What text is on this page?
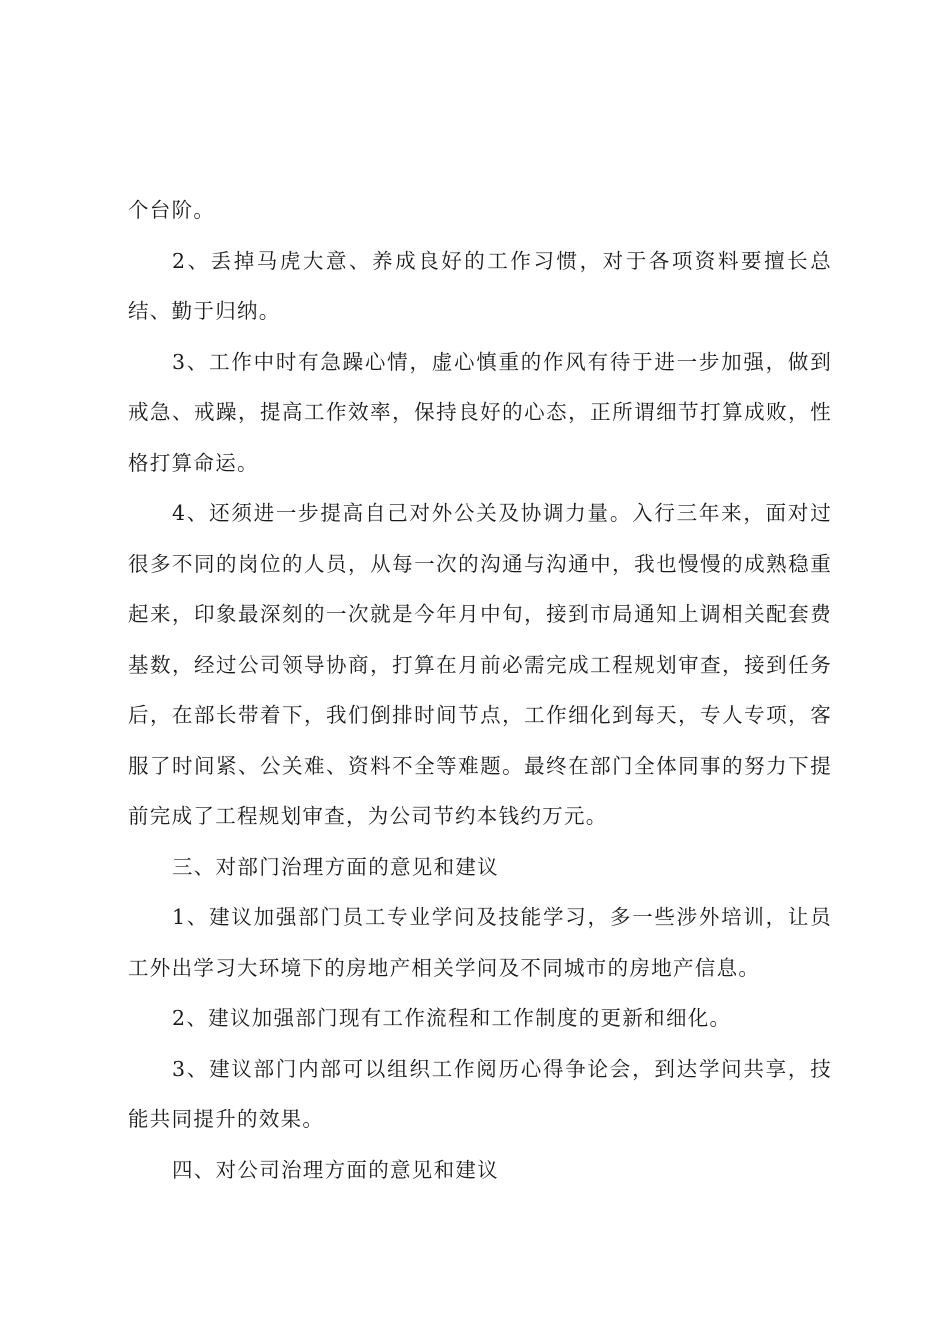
个台阶。

2、丢掉马虎大意、养成良好的工作习惯，对于各项资料要擅长总结、勤于归纳。

3、工作中时有急躁心情，虚心慎重的作风有待于进一步加强，做到戒急、戒躁，提高工作效率，保持良好的心态，正所谓细节打算成败，性格打算命运。

4、还须进一步提高自己对外公关及协调力量。入行三年来，面对过很多不同的岗位的人员，从每一次的沟通与沟通中，我也慢慢的成熟稳重起来，印象最深刻的一次就是今年月中旬，接到市局通知上调相关配套费基数，经过公司领导协商，打算在月前必需完成工程规划审查，接到任务后，在部长带着下，我们倒排时间节点，工作细化到每天，专人专项，客服了时间紧、公关难、资料不全等难题。最终在部门全体同事的努力下提前完成了工程规划审查，为公司节约本钱约万元。

三、对部门治理方面的意见和建议

1、建议加强部门员工专业学问及技能学习，多一些涉外培训，让员工外出学习大环境下的房地产相关学问及不同城市的房地产信息。

2、建议加强部门现有工作流程和工作制度的更新和细化。

3、建议部门内部可以组织工作阅历心得争论会，到达学问共享，技能共同提升的效果。

四、对公司治理方面的意见和建议
